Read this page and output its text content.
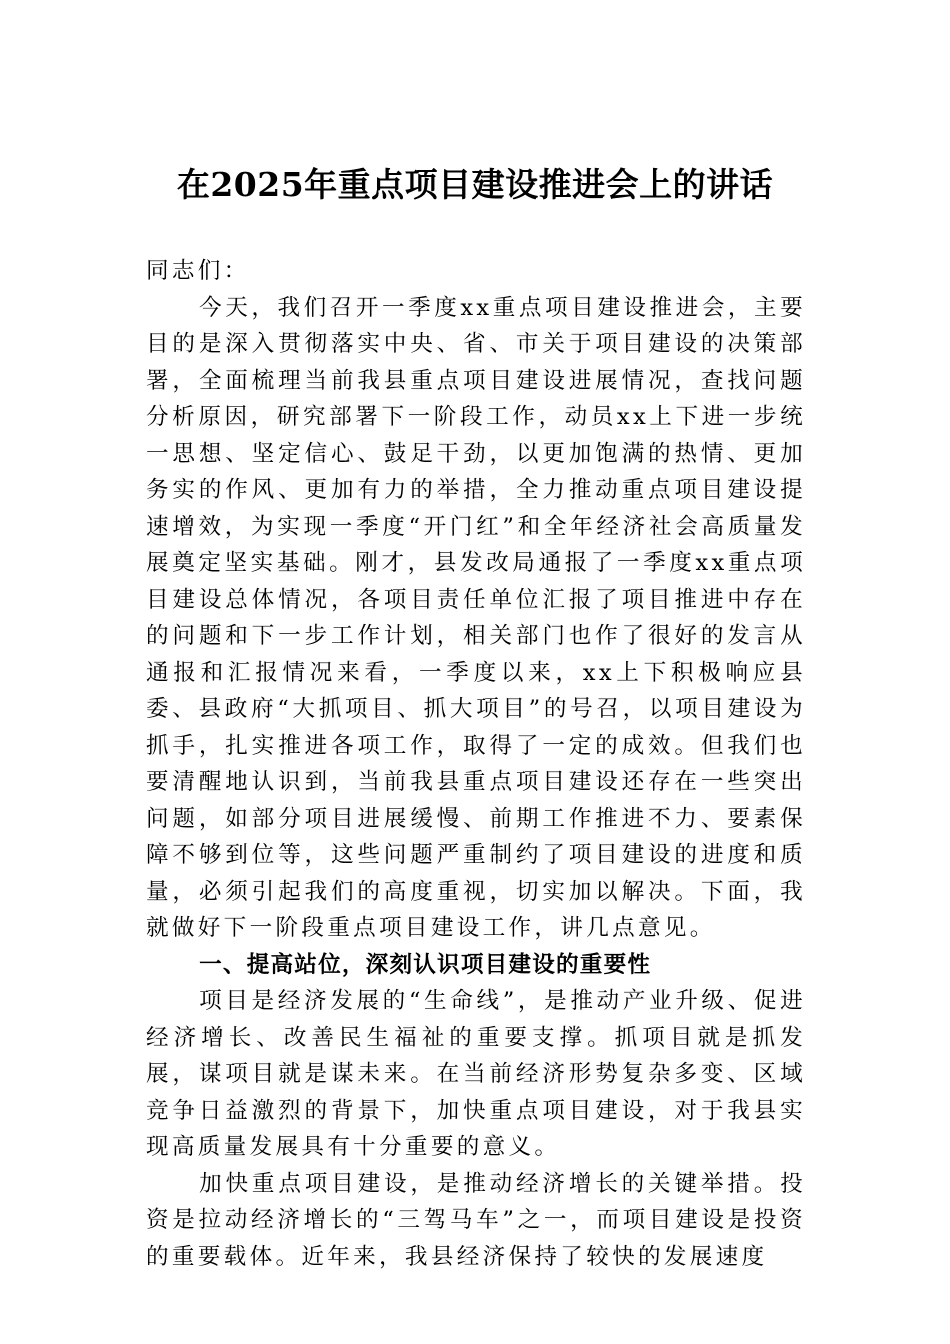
在2025年重点项目建设推进会上的讲话

同志们：

今天，我们召开一季度xx重点项目建设推进会，主要目的是深入贯彻落实中央、省、市关于项目建设的决策部署，全面梳理当前我县重点项目建设进展情况，查找问题分析原因，研究部署下一阶段工作，动员xx上下进一步统一思想、坚定信心、鼓足干劲，以更加饱满的热情、更加务实的作风、更加有力的举措，全力推动重点项目建设提速增效，为实现一季度“开门红”和全年经济社会高质量发展奠定坚实基础。刚才，县发改局通报了一季度xx重点项目建设总体情况，各项目责任单位汇报了项目推进中存在的问题和下一步工作计划，相关部门也作了很好的发言从通报和汇报情况来看，一季度以来，xx上下积极响应县委、县政府“大抓项目、抓大项目”的号召，以项目建设为抓手，扎实推进各项工作，取得了一定的成效。但我们也要清醒地认识到，当前我县重点项目建设还存在一些突出问题，如部分项目进展缓慢、前期工作推进不力、要素保障不够到位等，这些问题严重制约了项目建设的进度和质量，必须引起我们的高度重视，切实加以解决。下面，我就做好下一阶段重点项目建设工作，讲几点意见。

一、提高站位，深刻认识项目建设的重要性

项目是经济发展的“生命线”，是推动产业升级、促进经济增长、改善民生福祉的重要支撑。抓项目就是抓发展，谋项目就是谋未来。在当前经济形势复杂多变、区域竞争日益激烈的背景下，加快重点项目建设，对于我县实现高质量发展具有十分重要的意义。

加快重点项目建设，是推动经济增长的关键举措。投资是拉动经济增长的“三驾马车”之一，而项目建设是投资的重要载体。近年来，我县经济保持了较快的发展速度
